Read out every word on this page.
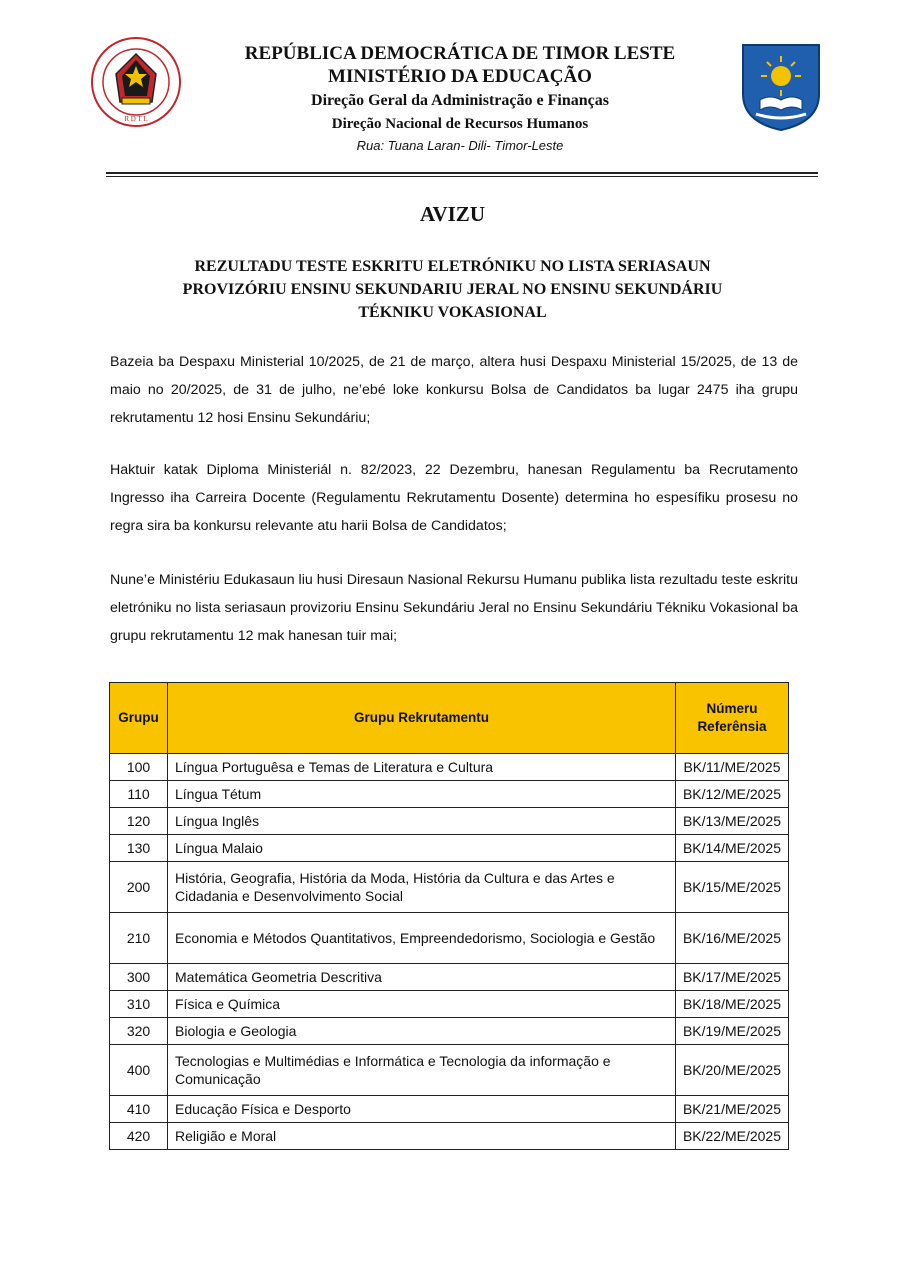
R D T L
REPÚBLICA DEMOCRÁTICA DE TIMOR LESTE
MINISTÉRIO DA EDUCAÇÃO
Direção Geral da Administração e Finanças
Direção Nacional de Recursos Humanos
Rua: Tuana Laran- Dili- Timor-Leste
AVIZU
REZULTADU TESTE ESKRITU ELETRÓNIKU NO LISTA SERIASAUN
PROVIZÓRIU ENSINU SEKUNDARIU JERAL NO ENSINU SEKUNDÁRIU
TÉKNIKU VOKASIONAL
Bazeia ba Despaxu Ministerial 10/2025, de 21 de março, altera husi Despaxu Ministerial 15/2025, de 13 de maio no 20/2025, de 31 de julho, ne’ebé loke konkursu Bolsa de Candidatos ba lugar 2475 iha grupu rekrutamentu 12 hosi Ensinu Sekundáriu;
Haktuir katak Diploma Ministeriál n. 82/2023, 22 Dezembru, hanesan Regulamentu ba Recrutamento Ingresso iha Carreira Docente (Regulamentu Rekrutamentu Dosente) determina ho espesífiku prosesu no regra sira ba konkursu relevante atu harii Bolsa de Candidatos;
Nune’e Ministériu Edukasaun liu husi Diresaun Nasional Rekursu Humanu publika lista rezultadu teste eskritu eletróniku no lista seriasaun provizoriu Ensinu Sekundáriu Jeral no Ensinu Sekundáriu Tékniku Vokasional ba grupu rekrutamentu 12 mak hanesan tuir mai;
Grupu	Grupu Rekrutamentu	Númeru
Referênsia

100	Língua Portuguêsa e Temas de Literatura e Cultura	BK/11/ME/2025
110	Língua Tétum	BK/12/ME/2025
120	Língua Inglês	BK/13/ME/2025
130	Língua Malaio	BK/14/ME/2025
200	História, Geografia, História da Moda, História da Cultura e das Artes e Cidadania e Desenvolvimento Social	BK/15/ME/2025
210	Economia e Métodos Quantitativos, Empreendedorismo, Sociologia e Gestão	BK/16/ME/2025
300	Matemática Geometria Descritiva	BK/17/ME/2025
310	Física e Química	BK/18/ME/2025
320	Biologia e Geologia	BK/19/ME/2025
400	Tecnologias e Multimédias e Informática e Tecnologia da informação e Comunicação	BK/20/ME/2025
410	Educação Física e Desporto	BK/21/ME/2025
420	Religião e Moral	BK/22/ME/2025
